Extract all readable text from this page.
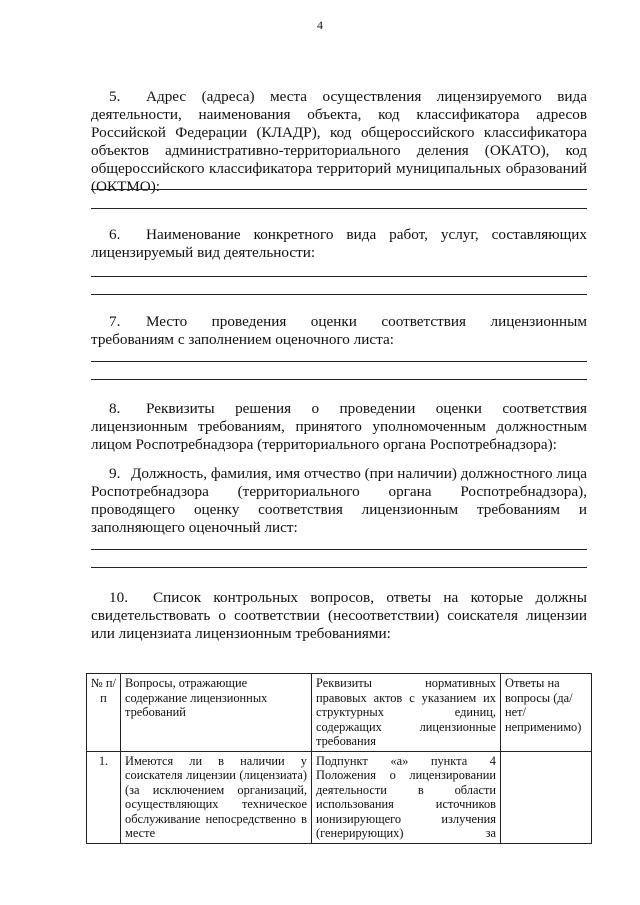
4
5. Адрес (адреса) места осуществления лицензируемого вида деятельности, наименования объекта, код классификатора адресов Российской Федерации (КЛАДР), код общероссийского классификатора объектов административно-территориального деления (ОКАТО), код общероссийского классификатора территорий муниципальных образований (ОКТМО):
6. Наименование конкретного вида работ, услуг, составляющих лицензируемый вид деятельности:
7. Место проведения оценки соответствия лицензионным требованиям с заполнением оценочного листа:
8. Реквизиты решения о проведении оценки соответствия лицензионным требованиям, принятого уполномоченным должностным лицом Роспотребнадзора (территориального органа Роспотребнадзора):
9. Должность, фамилия, имя отчество (при наличии) должностного лица Роспотребнадзора (территориального органа Роспотребнадзора), проводящего оценку соответствия лицензионным требованиям и заполняющего оценочный лист:
10. Список контрольных вопросов, ответы на которые должны свидетельствовать о соответствии (несоответствии) соискателя лицензии или лицензиата лицензионным требованиями:
№ п/п	Вопросы, отражающие содержание лицензионных требований	Реквизиты нормативных правовых актов с указанием их структурных единиц, содержащих лицензионные требования	Ответы на вопросы (да/нет/ неприменимо)
1.	Имеются ли в наличии у соискателя лицензии (лицензиата) (за исключением организаций, осуществляющих техническое обслуживание непосредственно в месте	Подпункт «а» пункта 4 Положения о лицензировании деятельности в области использования источников ионизирующего излучения (генерирующих) за	
